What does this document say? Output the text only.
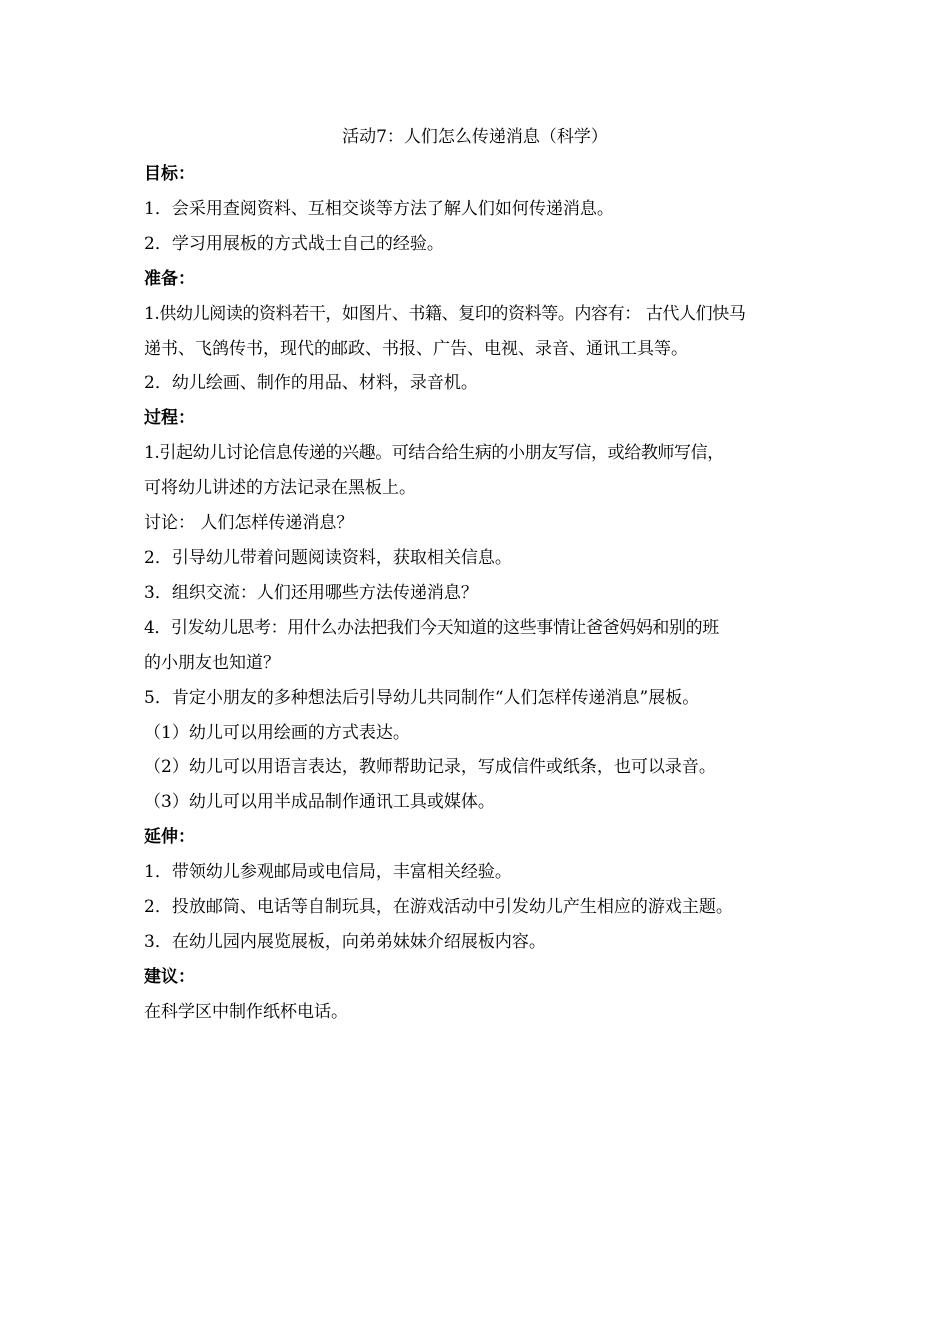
活动7：人们怎么传递消息（科学）
目标：
1．会采用查阅资料、互相交谈等方法了解人们如何传递消息。
2．学习用展板的方式战士自己的经验。
准备：
1.供幼儿阅读的资料若干，如图片、书籍、复印的资料等。内容有： 古代人们快马
递书、飞鸽传书，现代的邮政、书报、广告、电视、录音、通讯工具等。
2．幼儿绘画、制作的用品、材料，录音机。
过程：
1.引起幼儿讨论信息传递的兴趣。可结合给生病的小朋友写信，或给教师写信，
可将幼儿讲述的方法记录在黑板上。
讨论： 人们怎样传递消息？
2．引导幼儿带着问题阅读资料，获取相关信息。
3．组织交流：人们还用哪些方法传递消息？
4．引发幼儿思考：用什么办法把我们今天知道的这些事情让爸爸妈妈和别的班
的小朋友也知道？
5．肯定小朋友的多种想法后引导幼儿共同制作“人们怎样传递消息”展板。
（1）幼儿可以用绘画的方式表达。
（2）幼儿可以用语言表达，教师帮助记录，写成信件或纸条，也可以录音。
（3）幼儿可以用半成品制作通讯工具或媒体。
延伸：
1．带领幼儿参观邮局或电信局，丰富相关经验。
2．投放邮筒、电话等自制玩具，在游戏活动中引发幼儿产生相应的游戏主题。
3．在幼儿园内展览展板，向弟弟妹妹介绍展板内容。
建议：
在科学区中制作纸杯电话。
